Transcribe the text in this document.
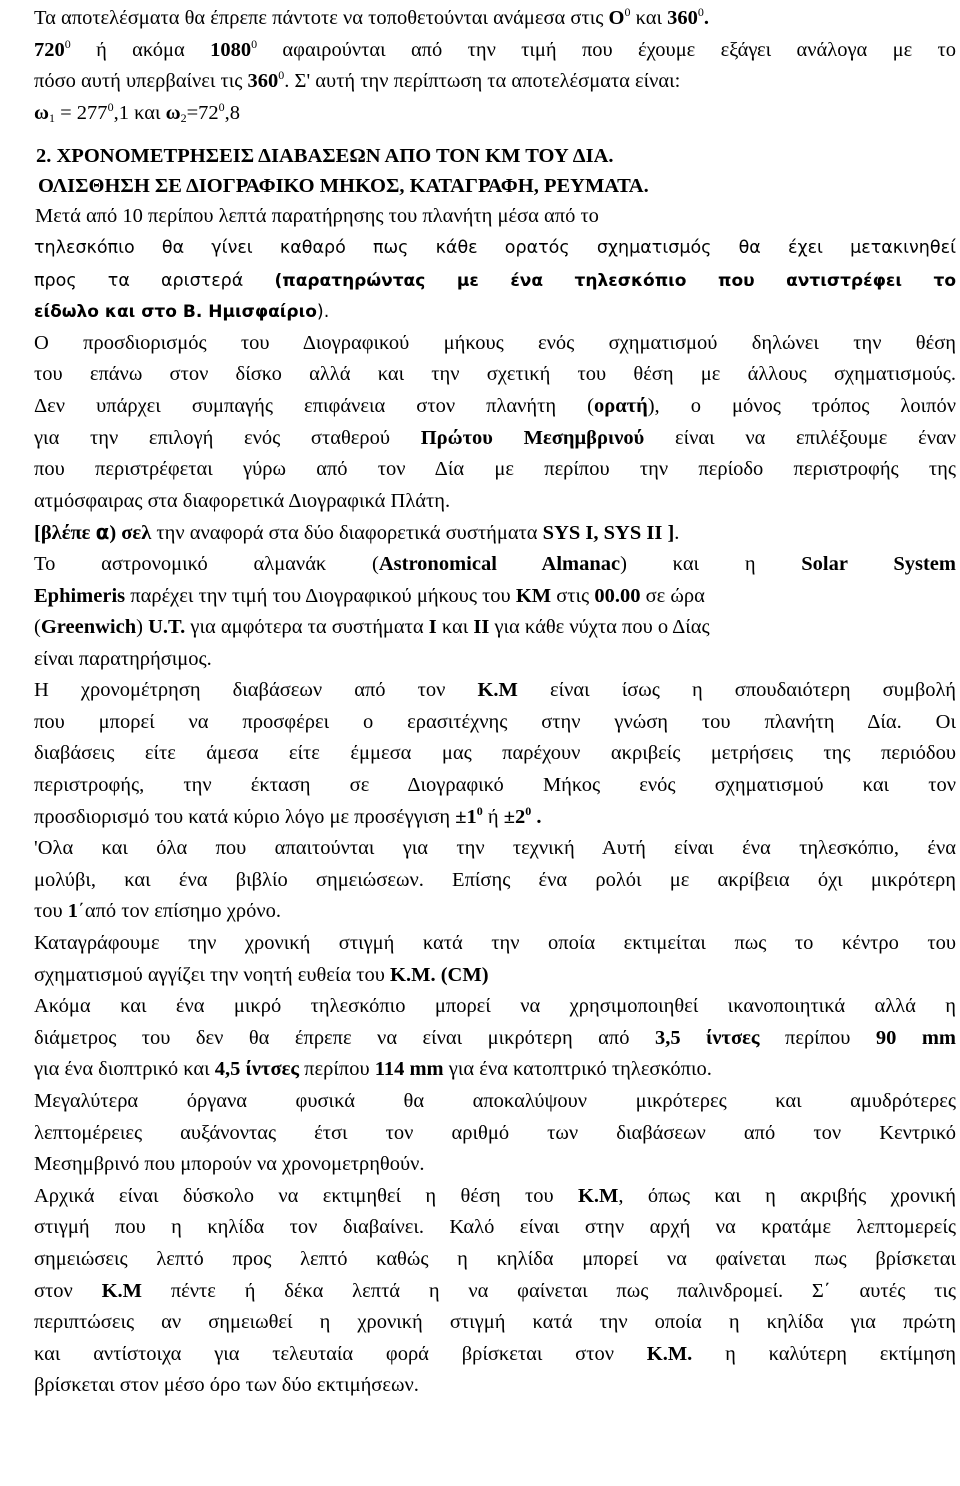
Τα αποτελέσματα θα έπρεπε πάντοτε να τοποθετούνται ανάμεσα στις $O^0$ και $360^0$.
$720^0$ ή ακόμα 1080$^0$ αφαιρούνται από την τιμή που έχουμε εξάγει ανάλογα με το
πόσο αυτή υπερβαίνει τις $360^0$. Σ' αυτή την περίπτωση τα αποτελέσματα είναι:
$\omega_1 = 277^0,1$ και $\omega_2=72^0,8$
2. ΧΡΟΝΟΜΕΤΡΗΣΕΙΣ ΔΙΑΒΑΣΕΩΝ ΑΠΟ ΤΟΝ ΚΜ ΤΟΥ ΔΙΑ.
ΟΛΙΣΘΗΣΗ ΣΕ ΔΙΟΓΡΑΦΙΚΟ ΜΗΚΟΣ, ΚΑΤΑΓΡΑΦΗ, ΡΕΥΜΑΤΑ.
Μετά από 10 περίπου λεπτά παρατήρησης του πλανήτη μέσα από το
τηλεσκόπιο θα γίνει καθαρό πως κάθε ορατός σχηματισμός θα έχει μετακινηθεί
προς τα αριστερά (παρατηρώντας με ένα τηλεσκόπιο που αντιστρέφει το
είδωλο και στο Β. Ημισφαίριο).
Ο προσδιορισμός του Διογραφικού μήκους ενός σχηματισμού δηλώνει την θέση
του επάνω στον δίσκο αλλά και την σχετική του θέση με άλλους σχηματισμούς.
Δεν υπάρχει συμπαγής επιφάνεια στον πλανήτη (ορατή), ο μόνος τρόπος λοιπόν
για την επιλογή ενός σταθερού Πρώτου Μεσημβρινού είναι να επιλέξουμε έναν
που περιστρέφεται γύρω από τον Δία με περίπου την περίοδο περιστροφής της
ατμόσφαιρας στα διαφορετικά Διογραφικά Πλάτη.
[βλέπε α) σελ την αναφορά στα δύο διαφορετικά συστήματα SYS I, SYS II ].
Το αστρονομικό αλμανάκ (Astronomical Almanac) και η Solar System
Ephimeris παρέχει την τιμή του Διογραφικού μήκους του ΚΜ στις 00.00 σε ώρα
(Greenwich) U.T. για αμφότερα τα συστήματα Ι και ΙΙ για κάθε νύχτα που ο Δίας
είναι παρατηρήσιμος.
Η χρονομέτρηση διαβάσεων από τον Κ.Μ είναι ίσως η σπουδαιότερη συμβολή
που μπορεί να προσφέρει ο ερασιτέχνης στην γνώση του πλανήτη Δία. Οι
διαβάσεις είτε άμεσα είτε έμμεσα μας παρέχουν ακριβείς μετρήσεις της περιόδου
περιστροφής, την έκταση σε Διογραφικό Μήκος ενός σχηματισμού και τον
προσδιορισμό του κατά κύριο λόγο με $\pi\rho o\sigma έ\gamma\gamma\iota\sigma\eta \pm 1^0$ $ή \pm 2^0$ .
'Ολα και όλα που απαιτούνται για την τεχνική Αυτή είναι ένα τηλεσκόπιο, ένα
μολύβι, και ένα βιβλίο σημειώσεων. Επίσης ένα ρολόι με ακρίβεια όχι μικρότερη
του 1΄από τον επίσημο χρόνο.
Καταγράφουμε την χρονική στιγμή κατά την οποία εκτιμείται πως το κέντρο του
σχηματισμού αγγίζει την νοητή ευθεία του Κ.Μ. (CM)
Ακόμα και ένα μικρό τηλεσκόπιο μπορεί να χρησιμοποιηθεί ικανοποιητικά αλλά η
διάμετρος του δεν θα έπρεπε να είναι μικρότερη από 3,5 ίντσες περίπου 90 mm
για ένα διοπτρικό και 4,5 ίντσες περίπου 114 mm για ένα κατοπτρικό τηλεσκόπιο.
Μεγαλύτερα όργανα φυσικά θα αποκαλύψουν μικρότερες και αμυδρότερες
λεπτομέρειες αυξάνοντας έτσι τον αριθμό των διαβάσεων από τον Κεντρικό
Μεσημβρινό που μπορούν να χρονομετρηθούν.
Αρχικά είναι δύσκολο να εκτιμηθεί η θέση του Κ.Μ, όπως και η ακριβής χρονική
στιγμή που η κηλίδα τον διαβαίνει. Καλό είναι στην αρχή να κρατάμε λεπτομερείς
σημειώσεις λεπτό προς λεπτό καθώς η κηλίδα μπορεί να φαίνεται πως βρίσκεται
στον Κ.Μ πέντε ή δέκα λεπτά η να φαίνεται πως παλινδρομεί. Σ΄ αυτές τις
περιπτώσεις αν σημειωθεί η χρονική στιγμή κατά την οποία η κηλίδα για πρώτη
και αντίστοιχα για τελευταία φορά βρίσκεται στον Κ.Μ. η καλύτερη εκτίμηση
βρίσκεται στον μέσο όρο των δύο εκτιμήσεων.
